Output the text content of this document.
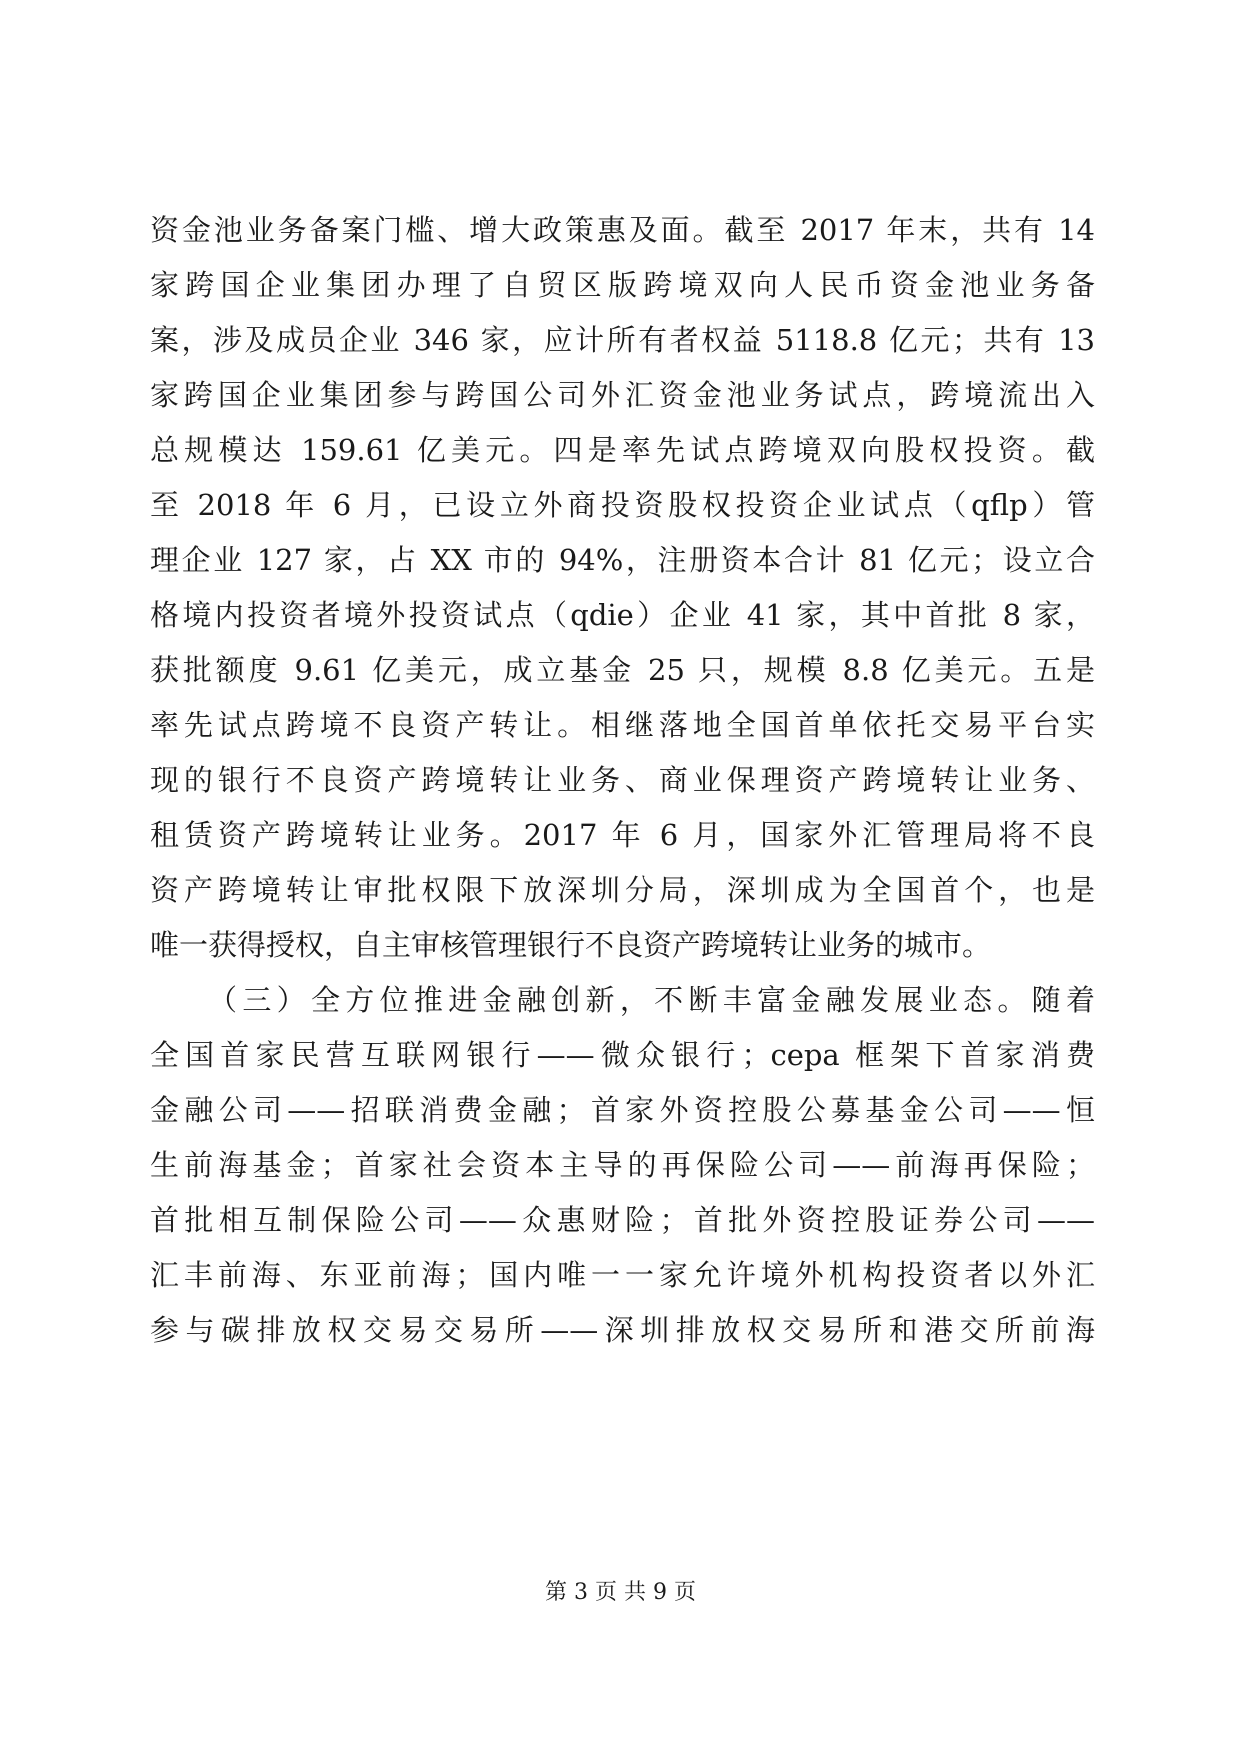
资金池业务备案门槛、增大政策惠及面。截至 2017 年末，共有 14
家跨国企业集团办理了自贸区版跨境双向人民币资金池业务备
案，涉及成员企业 346 家，应计所有者权益 5118.8 亿元；共有 13
家跨国企业集团参与跨国公司外汇资金池业务试点，跨境流出入
总规模达 159.61 亿美元。四是率先试点跨境双向股权投资。截
至 2018 年 6 月，已设立外商投资股权投资企业试点（qflp）管
理企业 127 家，占 XX 市的 94%，注册资本合计 81 亿元；设立合
格境内投资者境外投资试点（qdie）企业 41 家，其中首批 8 家，
获批额度 9.61 亿美元，成立基金 25 只，规模 8.8 亿美元。五是
率先试点跨境不良资产转让。相继落地全国首单依托交易平台实
现的银行不良资产跨境转让业务、商业保理资产跨境转让业务、
租赁资产跨境转让业务。2017 年 6 月，国家外汇管理局将不良
资产跨境转让审批权限下放深圳分局，深圳成为全国首个，也是
唯一获得授权，自主审核管理银行不良资产跨境转让业务的城市。
（三）全方位推进金融创新，不断丰富金融发展业态。随着
全国首家民营互联网银行——微众银行；cepa 框架下首家消费
金融公司——招联消费金融；首家外资控股公募基金公司——恒
生前海基金；首家社会资本主导的再保险公司——前海再保险；
首批相互制保险公司——众惠财险；首批外资控股证券公司——
汇丰前海、东亚前海；国内唯一一家允许境外机构投资者以外汇
参与碳排放权交易交易所——深圳排放权交易所和港交所前海
第 3 页 共 9 页
